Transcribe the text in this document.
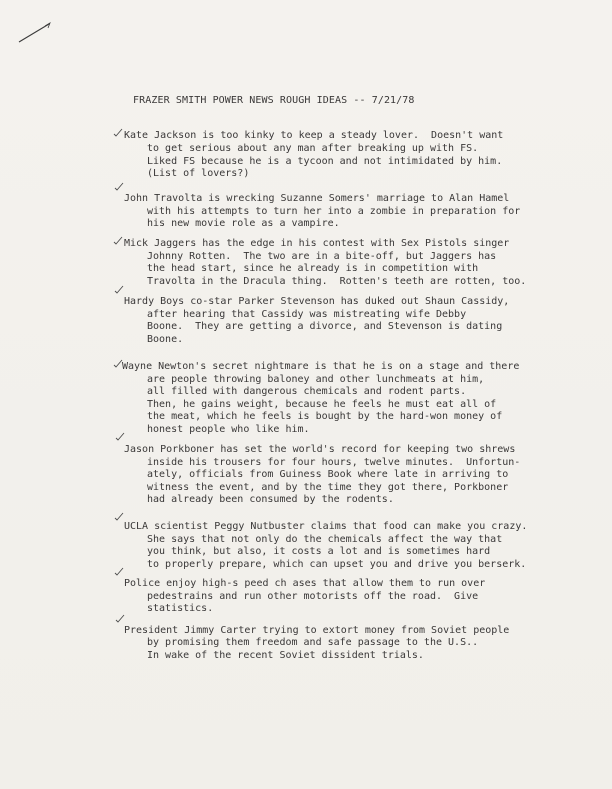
FRAZER SMITH POWER NEWS ROUGH IDEAS -- 7/21/78
Kate Jackson is too kinky to keep a steady lover.  Doesn't want
to get serious about any man after breaking up with FS.
Liked FS because he is a tycoon and not intimidated by him.
(List of lovers?)
John Travolta is wrecking Suzanne Somers' marriage to Alan Hamel
with his attempts to turn her into a zombie in preparation for
his new movie role as a vampire.
Mick Jaggers has the edge in his contest with Sex Pistols singer
Johnny Rotten.  The two are in a bite-off, but Jaggers has
the head start, since he already is in competition with
Travolta in the Dracula thing.  Rotten's teeth are rotten, too.
Hardy Boys co-star Parker Stevenson has duked out Shaun Cassidy,
after hearing that Cassidy was mistreating wife Debby
Boone.  They are getting a divorce, and Stevenson is dating
Boone.
Wayne Newton's secret nightmare is that he is on a stage and there
are people throwing baloney and other lunchmeats at him,
all filled with dangerous chemicals and rodent parts.
Then, he gains weight, because he feels he must eat all of
the meat, which he feels is bought by the hard-won money of
honest people who like him.
Jason Porkboner has set the world's record for keeping two shrews
inside his trousers for four hours, twelve minutes.  Unfortun-
ately, officials from Guiness Book where late in arriving to
witness the event, and by the time they got there, Porkboner
had already been consumed by the rodents.
UCLA scientist Peggy Nutbuster claims that food can make you crazy.
She says that not only do the chemicals affect the way that
you think, but also, it costs a lot and is sometimes hard
to properly prepare, which can upset you and drive you berserk.
Police enjoy high-s peed ch ases that allow them to run over
pedestrains and run other motorists off the road.  Give
statistics.
President Jimmy Carter trying to extort money from Soviet people
by promising them freedom and safe passage to the U.S..
In wake of the recent Soviet dissident trials.
